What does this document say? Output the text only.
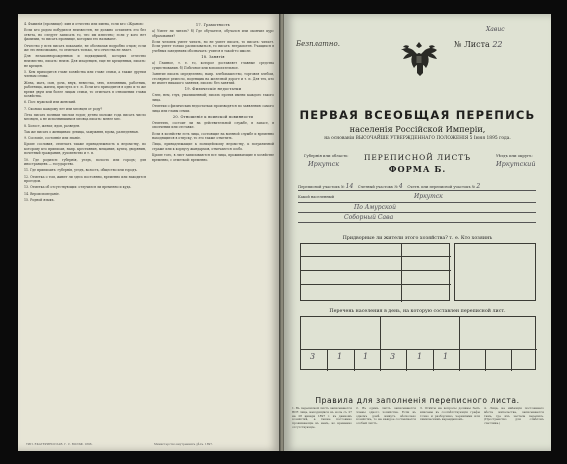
4. Фамилія (прозвище): имя и отчество или имена, если кто «Жданов»
Если кто родом побудился неизвестен, не должно оставлять это без ответа, но следует записать то, что им известно; если у кого нет фамилии, то писать прозвище, которым его называют.
Отчество у всех писать показаніе, не обозначая подробно отцов; если же это невозможно, то отмечать только, что отчества не знает.
Для незаконнорожденных и подкидышей, которых отчество неизвестно, писать: неизв. Для младенцев, еще не крещенных, писать: не крещен.
5. Кем приходится главе хозяйства или главе семьи, а также другим членам семьи.
Жена, мать, сын, дочь, внук, невестка, зять, племянник, работник, работница, жилец, прислуга и т. п. Если кто приходится в одно и то же время двум или более лицам семьи, то отмечать в отношении главы хозяйства.
6. Пол: мужской или женский.
7. Сколько каждому лет или месяцев от роду?
Лета писать полным числом годов; детям моложе года писать число месяцев, а не исполнившимся месяца писать: менее мес.
8. Холост, женат, вдов, разведен.
Так же писать о женщинах: девица, замужняя, вдова, разведенная.
9. Сословіе, состояніе или званіе.
Кроме сословия, отмечать также принадлежность к ведомству, по которому кто приписан, напр. крестьянин, мещанин, купец, дворянин, почетный гражданин, духовенство и т. п.
10. Где родился: губернія, уездъ, волость или городъ; для иностранцевъ — государство.
11. Где приписанъ: губернія, уездъ, волость, общество или городъ.
12. Отметка о том, живет ли здесь постоянно, временно или находится проездом.
13. Отметка об отсутствующих: отлучился ли временно и куда.
14. Вероисповеданіе.
15. Родной языкъ.
17. Грамотность
а) Умеет ли читать? б) Где обучается, обучался или окончил курс образования?
Если человек умеет читать, но не умеет писать, то писать: читает. Если умеет только расписываться, то писать: неграмотен. Учащихся в учебных заведениях обозначать: учится в такой-то школе.
18. Занятія
а) Главное, т. е. то, которое доставляет главные средства существования. б) Побочное или вспомогательное.
Занятие писать определенно, напр. хлебопашество, торговля хлебом, столярное ремесло, поденщик на железной дороге и т. п. Для тех, кто не имеет никакого занятия, писать: без занятий.
19. Физическіе недостатки
Слеп, нем, глух, умалишенный; писать против имени каждого такого лица.
Отметки о физических недостатках производятся по заявлению самого лица или главы семьи.
20. Отношеніе к воинской повинности
Отметить, состоит ли на действительной службе, в запасе, в ополчении или отставке.
Если в хозяйстве есть лица, состоящие на военной службе и временно находящиеся в отпуску, то это также отметить.
Лица, принадлежащие к полицейскому ведомству, к пограничной страже или к корпусу жандармов, отмечаются особо.
Кроме того, в лист записываются все лица, проживающие в хозяйстве временно, с отметкой: временно.
ТИП. ЕКАТЕРИНОСЛАВ. Г. С. ВОЛЬФ. 1896.	Министерство внутреннихъ дѣлъ. 1897.
Безплатно.
Хавис
№ Листа 22
ПЕРВАЯ ВСЕОБЩАЯ ПЕРЕПИСЬ
населенія Россійской Имперіи,
на основаніи ВЫСОЧАЙШЕ УТВЕРЖДЕННАГО ПОЛОЖЕНІЯ 5 Іюня 1895 года.
Губернія или область:
Иркутск
Уѣздъ или округъ:
Иркутский
ПЕРЕПИСНОЙ ЛИСТЪ
ФОРМА Б.
Переписной участокъ № 14 Счетный участокъ № 4 Счетн. или переписной участокъ № 2
Какой населенный	Иркутск
По Амурской
Соборный Сава
Придворные ли жители этого хозяйства? т. е. Кто хозяинъ
Перечень населения в день, на которую составлен переписной лист.
Правила для заполненія переписного листа.
3	1	1	3	1	1
1. Въ переписной листъ записываются ВСЕ лица, находящіяся въ ночь съ 27 на 28 января 1897 г. въ данномъ хозяйствѣ, а также постоянно проживающіе въ немъ, но временно отсутствующіе.
2. Въ одинъ листъ записываются члены одного хозяйства. Если въ одномъ домѣ живутъ нѣсколько хозяйствъ, то на каждое составляется особый листъ.
3. Отвѣты на вопросы должны быть вписаны въ соотвѣтствующія графы точно и разборчиво, чернилами или химическимъ карандашомъ.
4. Лица, не имѣющія постояннаго мѣста жительства, записываются тамъ, где ихъ застала перепись. (Пространство для отмѣтокъ счетчика.)
